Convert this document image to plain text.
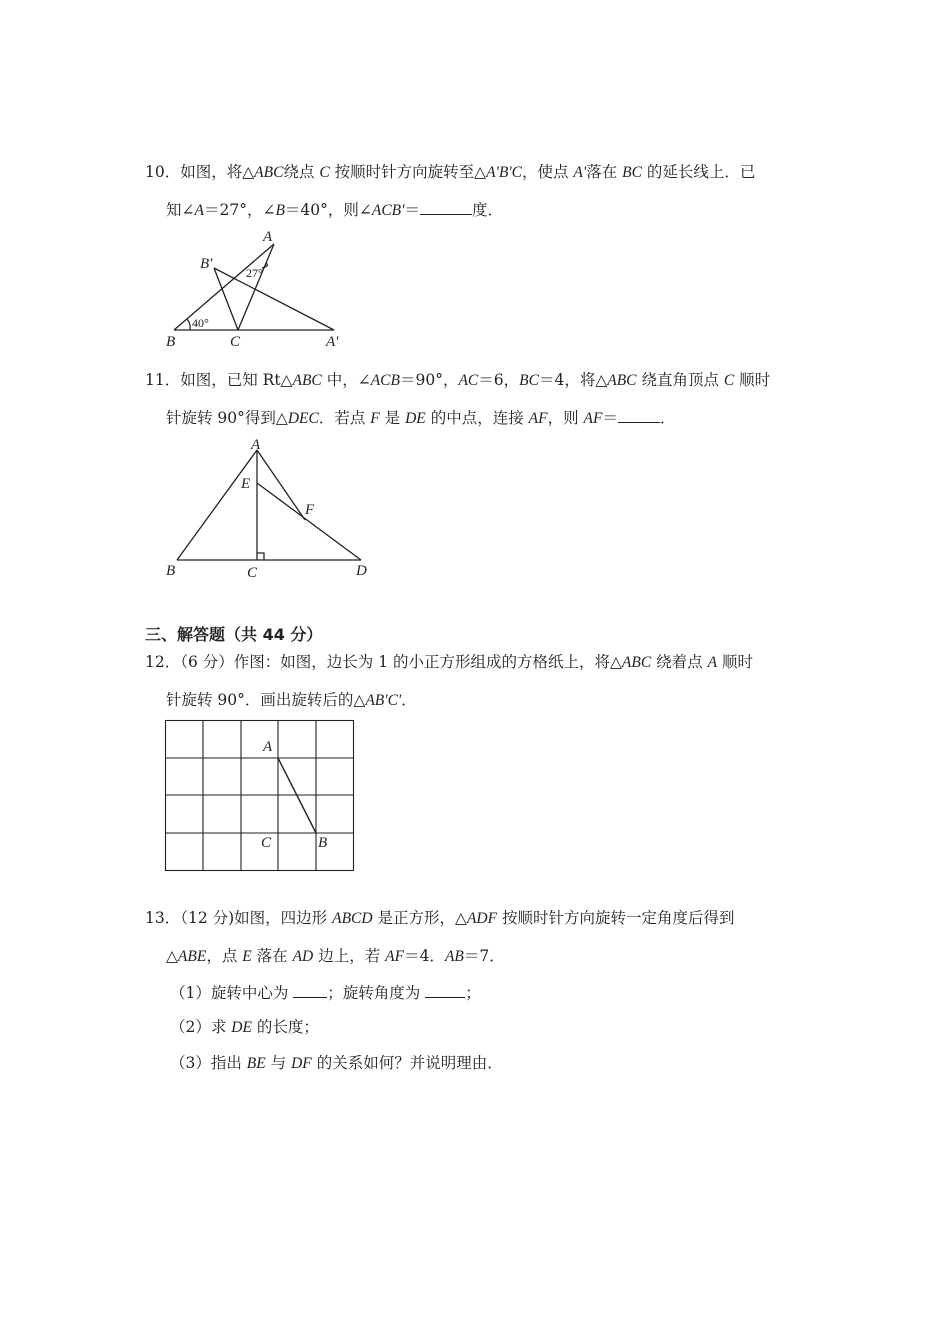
10．如图，将△ABC绕点 C 按顺时针方向旋转至△A'B'C，使点 A'落在 BC 的延长线上．已
知∠A＝27°，∠B＝40°，则∠ACB'＝	度．
A
B′
27°
40°
B	C	A′
11．如图，已知 Rt△ABC 中，∠ACB＝90°，AC＝6，BC＝4，将△ABC 绕直角顶点 C 顺时
针旋转 90°得到△DEC．若点 F 是 DE 的中点，连接 AF，则 AF＝	．
A
E
F
B	C	D
三、解答题（共 44 分）
12．（6 分）作图：如图，边长为 1 的小正方形组成的方格纸上，将△ABC 绕着点 A 顺时
针旋转 90°．画出旋转后的△AB'C'．
A
C	B
13．（12 分)如图，四边形 ABCD 是正方形，△ADF 按顺时针方向旋转一定角度后得到
△ABE，点 E 落在 AD 边上，若 AF＝4．AB＝7．
（1）旋转中心为 ；旋转角度为	；
（2）求 DE 的长度；
（3）指出 BE 与 DF 的关系如何？并说明理由．
